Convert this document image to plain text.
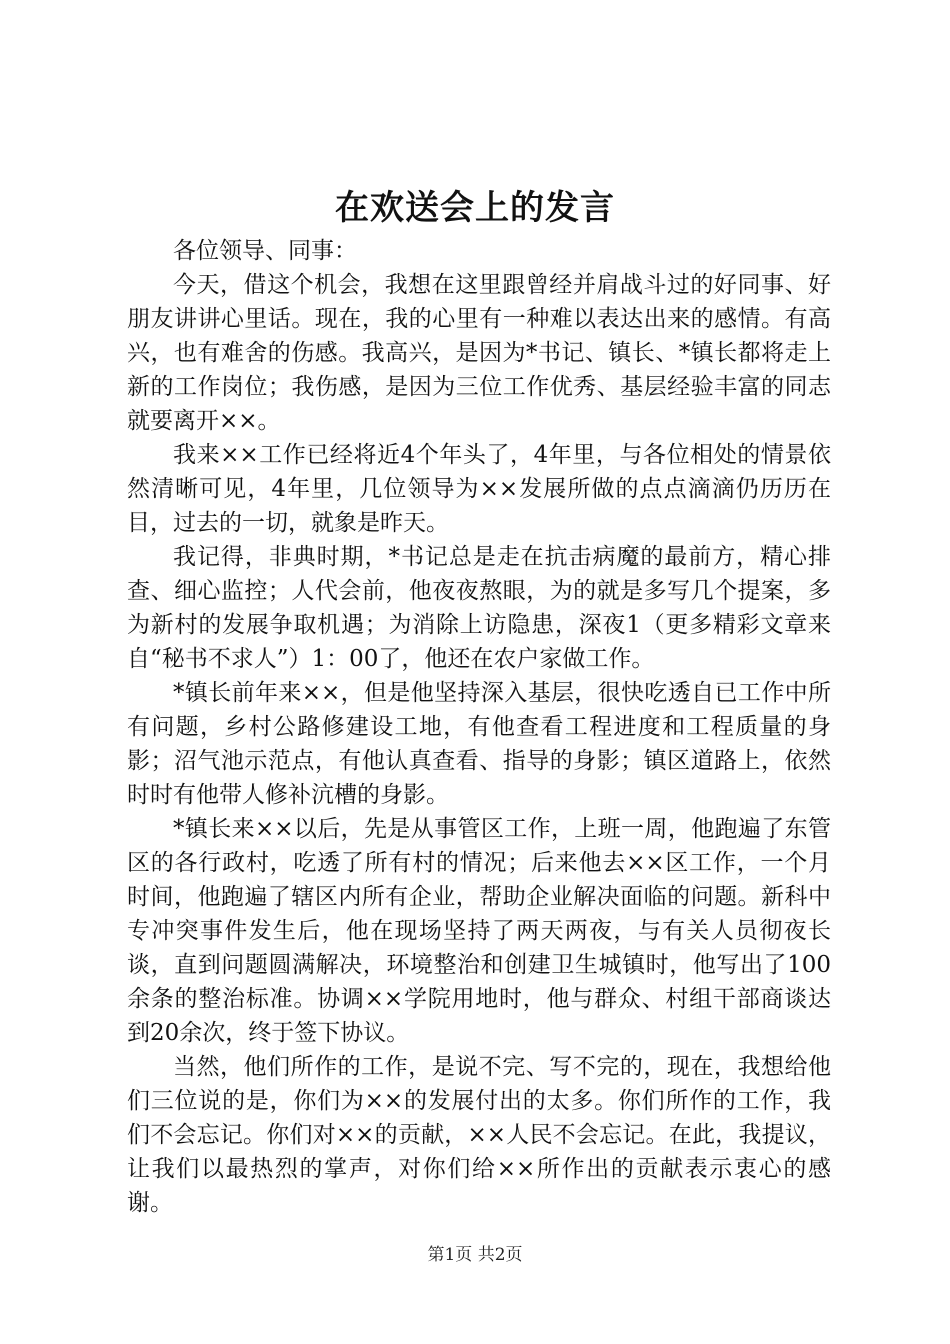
在欢送会上的发言

各位领导、同事：

今天，借这个机会，我想在这里跟曾经并肩战斗过的好同事、好朋友讲讲心里话。现在，我的心里有一种难以表达出来的感情。有高兴，也有难舍的伤感。我高兴，是因为*书记、镇长、*镇长都将走上新的工作岗位；我伤感，是因为三位工作优秀、基层经验丰富的同志就要离开××。

我来××工作已经将近4个年头了，4年里，与各位相处的情景依然清晰可见，4年里，几位领导为××发展所做的点点滴滴仍历历在目，过去的一切，就象是昨天。

我记得，非典时期，*书记总是走在抗击病魔的最前方，精心排查、细心监控；人代会前，他夜夜熬眼，为的就是多写几个提案，多为新村的发展争取机遇；为消除上访隐患，深夜1（更多精彩文章来自“秘书不求人”）1：00了，他还在农户家做工作。

*镇长前年来××，但是他坚持深入基层，很快吃透自已工作中所有问题，乡村公路修建设工地，有他查看工程进度和工程质量的身影；沼气池示范点，有他认真查看、指导的身影；镇区道路上，依然时时有他带人修补沆槽的身影。

*镇长来××以后，先是从事管区工作，上班一周，他跑遍了东管区的各行政村，吃透了所有村的情况；后来他去××区工作，一个月时间，他跑遍了辖区内所有企业，帮助企业解决面临的问题。新科中专冲突事件发生后，他在现场坚持了两天两夜，与有关人员彻夜长谈，直到问题圆满解决，环境整治和创建卫生城镇时，他写出了100余条的整治标准。协调××学院用地时，他与群众、村组干部商谈达到20余次，终于签下协议。

当然，他们所作的工作，是说不完、写不完的，现在，我想给他们三位说的是，你们为××的发展付出的太多。你们所作的工作，我们不会忘记。你们对××的贡献，××人民不会忘记。在此，我提议，让我们以最热烈的掌声，对你们给××所作出的贡献表示衷心的感谢。

第1页 共2页
